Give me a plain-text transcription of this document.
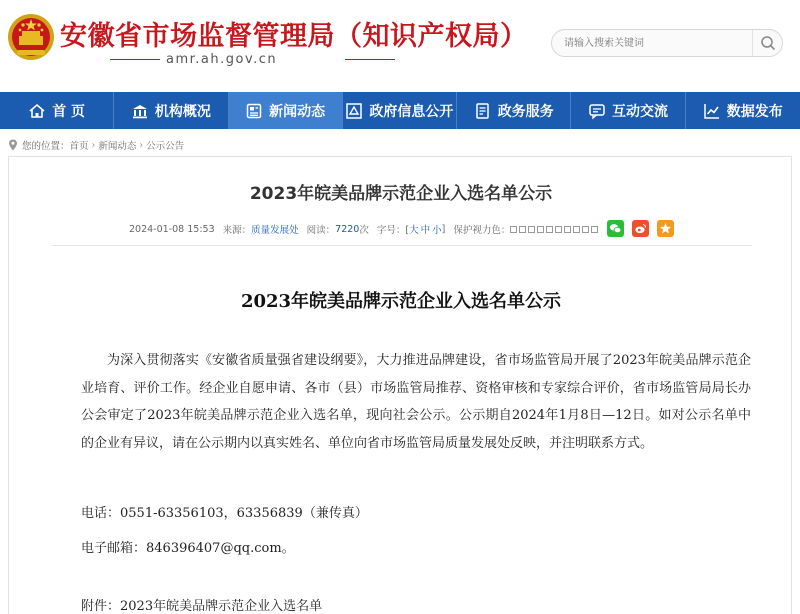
安徽省市场监督管理局（知识产权局）
amr.ah.gov.cn
请输入搜索关键词
首 页	机构概况	新闻动态	政府信息公开	政务服务	互动交流	数据发布
您的位置： 首页 › 新闻动态 › 公示公告
2023年皖美品牌示范企业入选名单公示
2024-01-08 15:53 来源： 质量发展处 阅读： 7220 次 字号：[ 大 中 小 ] 保护视力色：
2023年皖美品牌示范企业入选名单公示
为深入贯彻落实《安徽省质量强省建设纲要》，大力推进品牌建设，省市场监管局开展了2023年皖美品牌示范企业培育、评价工作。经企业自愿申请、各市（县）市场监管局推荐、资格审核和专家综合评价，省市场监管局局长办公会审定了2023年皖美品牌示范企业入选名单，现向社会公示。公示期自2024年1月8日—12日。如对公示名单中的企业有异议，请在公示期内以真实姓名、单位向省市场监管局质量发展处反映，并注明联系方式。
电话：0551-63356103，63356839（兼传真）
电子邮箱：846396407@qq.com。
附件：2023年皖美品牌示范企业入选名单
